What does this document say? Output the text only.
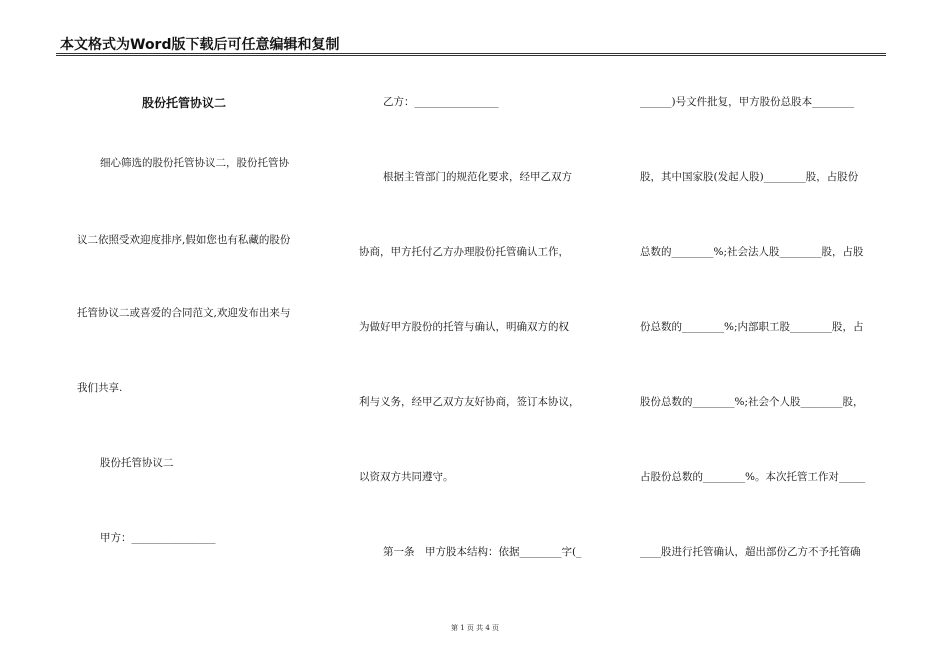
本文格式为Word版下载后可任意编辑和复制
股份托管协议二
细心筛选的股份托管协议二，股份托管协
议二依照受欢迎度排序,假如您也有私藏的股份
托管协议二或喜爱的合同范文,欢迎发布出来与
我们共享.
股份托管协议二
甲方：________________
乙方：________________
根据主管部门的规范化要求，经甲乙双方
协商，甲方托付乙方办理股份托管确认工作，
为做好甲方股份的托管与确认，明确双方的权
利与义务，经甲乙双方友好协商，签订本协议，
以资双方共同遵守。
第一条　甲方股本结构：依据________字(_
______)号文件批复，甲方股份总股本________
股，其中国家股(发起人股)________股，占股份
总数的________%;社会法人股________股，占股
份总数的________%;内部职工股________股，占
股份总数的________%;社会个人股________股，
占股份总数的________%。本次托管工作对_____
____股进行托管确认，超出部份乙方不予托管确
第 1 页 共 4 页
